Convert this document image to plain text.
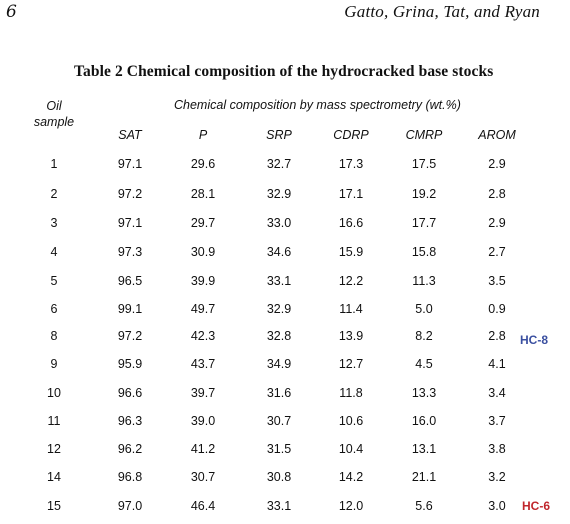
6	Gatto, Grina, Tat, and Ryan
Table 2 Chemical composition of the hydrocracked base stocks
Oil
sample
Chemical composition by mass spectrometry (wt.%)
SAT	P	SRP	CDRP	CMRP	AROM
1	97.1	29.6	32.7	17.3	17.5	2.9
2	97.2	28.1	32.9	17.1	19.2	2.8
3	97.1	29.7	33.0	16.6	17.7	2.9
4	97.3	30.9	34.6	15.9	15.8	2.7
5	96.5	39.9	33.1	12.2	11.3	3.5
6	99.1	49.7	32.9	11.4	5.0	0.9
8	97.2	42.3	32.8	13.9	8.2	2.8 HC-8
9	95.9	43.7	34.9	12.7	4.5	4.1
10	96.6	39.7	31.6	11.8	13.3	3.4
11	96.3	39.0	30.7	10.6	16.0	3.7
12	96.2	41.2	31.5	10.4	13.1	3.8
14	96.8	30.7	30.8	14.2	21.1	3.2
15	97.0	46.4	33.1	12.0	5.6	3.0 HC-6
